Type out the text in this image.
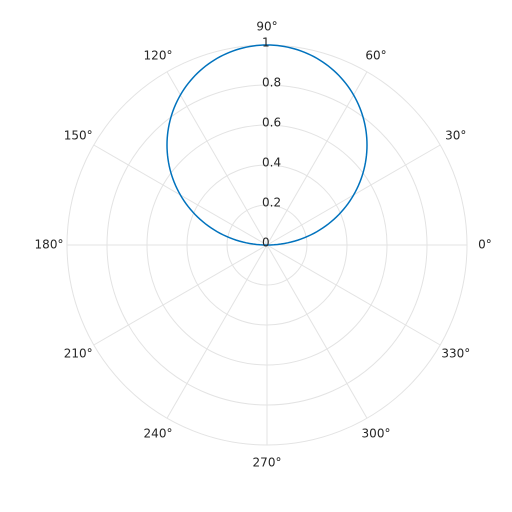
0°
30°
60°
90°
120°
150°
180°
210°
240°
270°
300°
330°
0
0.2
0.4
0.6
0.8
1
